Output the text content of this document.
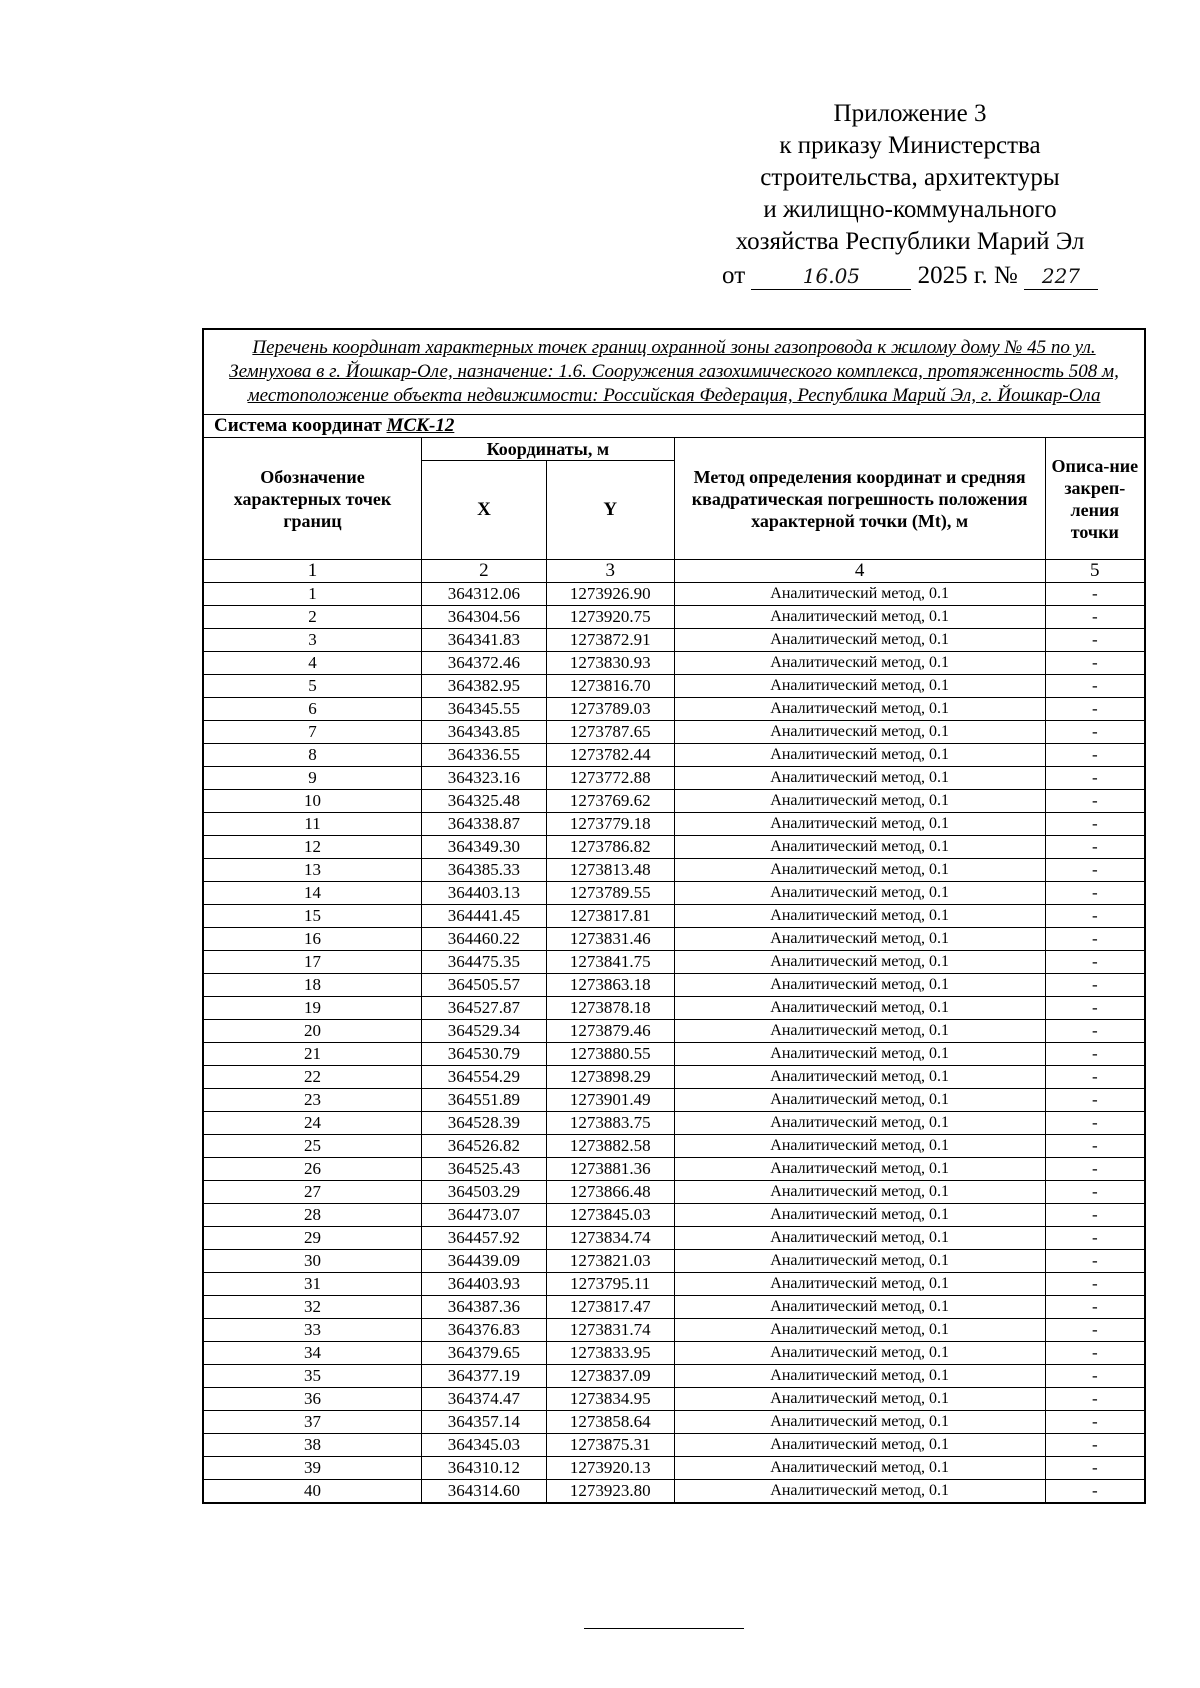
Приложение 3
к приказу Министерства
строительства, архитектуры
и жилищно-коммунального
хозяйства Республики Марий Эл
от	16.05 2025 г. № 227
Перечень координат характерных точек границ охранной зоны газопровода к жилому дому № 45 по ул. Земнухова в г. Йошкар-Оле, назначение: 1.6. Сооружения газохимического комплекса, протяженность 508 м, местоположение объекта недвижимости: Российская Федерация, Республика Марий Эл, г. Йошкар-Ола				
Система координат МСК-12				
Обозначение характерных точек границ	Координаты, м		Метод определения координат и средняя квадратическая погрешность положения характерной точки (Mt), м	Описа-ние закреп-ления точки
	X	Y		
1	2	3	4	5
1	364312.06	1273926.90	Аналитический метод, 0.1	-
2	364304.56	1273920.75	Аналитический метод, 0.1	-
3	364341.83	1273872.91	Аналитический метод, 0.1	-
4	364372.46	1273830.93	Аналитический метод, 0.1	-
5	364382.95	1273816.70	Аналитический метод, 0.1	-
6	364345.55	1273789.03	Аналитический метод, 0.1	-
7	364343.85	1273787.65	Аналитический метод, 0.1	-
8	364336.55	1273782.44	Аналитический метод, 0.1	-
9	364323.16	1273772.88	Аналитический метод, 0.1	-
10	364325.48	1273769.62	Аналитический метод, 0.1	-
11	364338.87	1273779.18	Аналитический метод, 0.1	-
12	364349.30	1273786.82	Аналитический метод, 0.1	-
13	364385.33	1273813.48	Аналитический метод, 0.1	-
14	364403.13	1273789.55	Аналитический метод, 0.1	-
15	364441.45	1273817.81	Аналитический метод, 0.1	-
16	364460.22	1273831.46	Аналитический метод, 0.1	-
17	364475.35	1273841.75	Аналитический метод, 0.1	-
18	364505.57	1273863.18	Аналитический метод, 0.1	-
19	364527.87	1273878.18	Аналитический метод, 0.1	-
20	364529.34	1273879.46	Аналитический метод, 0.1	-
21	364530.79	1273880.55	Аналитический метод, 0.1	-
22	364554.29	1273898.29	Аналитический метод, 0.1	-
23	364551.89	1273901.49	Аналитический метод, 0.1	-
24	364528.39	1273883.75	Аналитический метод, 0.1	-
25	364526.82	1273882.58	Аналитический метод, 0.1	-
26	364525.43	1273881.36	Аналитический метод, 0.1	-
27	364503.29	1273866.48	Аналитический метод, 0.1	-
28	364473.07	1273845.03	Аналитический метод, 0.1	-
29	364457.92	1273834.74	Аналитический метод, 0.1	-
30	364439.09	1273821.03	Аналитический метод, 0.1	-
31	364403.93	1273795.11	Аналитический метод, 0.1	-
32	364387.36	1273817.47	Аналитический метод, 0.1	-
33	364376.83	1273831.74	Аналитический метод, 0.1	-
34	364379.65	1273833.95	Аналитический метод, 0.1	-
35	364377.19	1273837.09	Аналитический метод, 0.1	-
36	364374.47	1273834.95	Аналитический метод, 0.1	-
37	364357.14	1273858.64	Аналитический метод, 0.1	-
38	364345.03	1273875.31	Аналитический метод, 0.1	-
39	364310.12	1273920.13	Аналитический метод, 0.1	-
40	364314.60	1273923.80	Аналитический метод, 0.1	-
